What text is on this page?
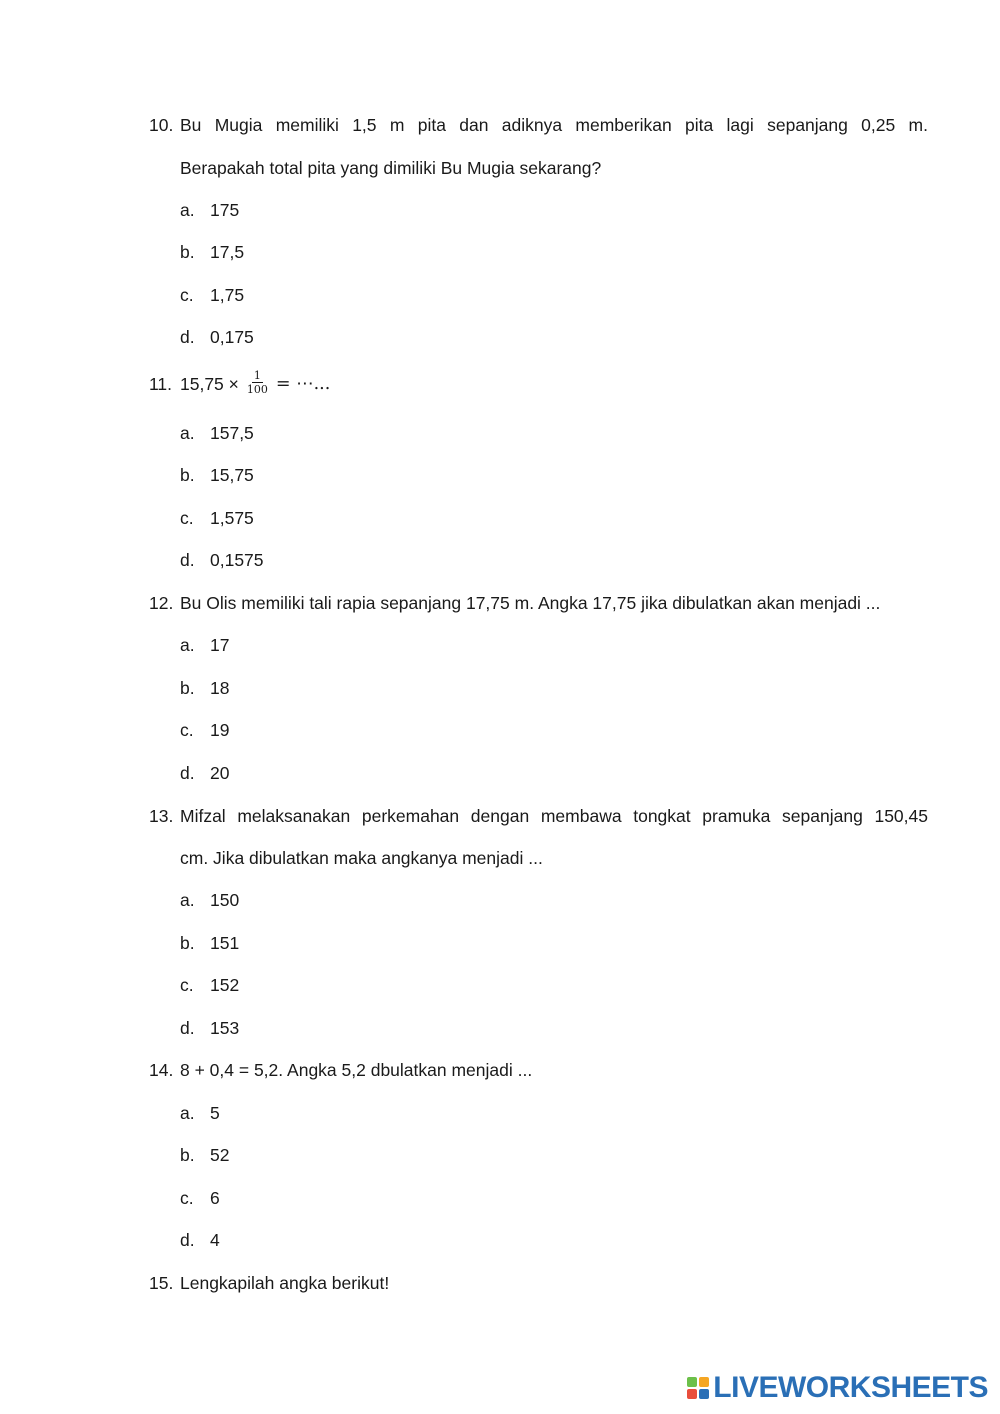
10. Bu Mugia memiliki 1,5 m pita dan adiknya memberikan pita lagi sepanjang 0,25 m.
Berapakah total pita yang dimiliki Bu Mugia sekarang?
a. 175
b. 17,5
c. 1,75
d. 0,175
11. $15,75 \times \frac{1}{100}$ = ⋯...
a. 157,5
b. 15,75
c. 1,575
d. 0,1575
12. Bu Olis memiliki tali rapia sepanjang 17,75 m. Angka 17,75 jika dibulatkan akan menjadi ...
a. 17
b. 18
c. 19
d. 20
13. Mifzal melaksanakan perkemahan dengan membawa tongkat pramuka sepanjang 150,45
cm. Jika dibulatkan maka angkanya menjadi ...
a. 150
b. 151
c. 152
d. 153
14. 8 + 0,4 = 5,2. Angka 5,2 dbulatkan menjadi ...
a. 5
b. 52
c. 6
d. 4
15. Lengkapilah angka berikut!
LIVEWORKSHEETS
